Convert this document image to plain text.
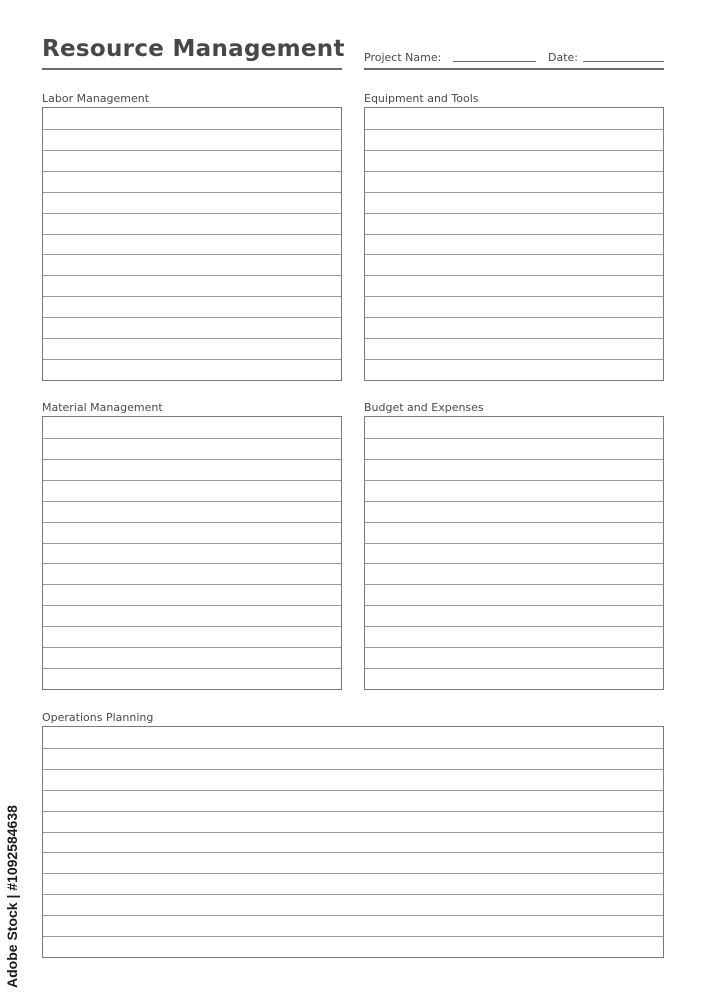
Resource Management Project Name:	Date:

Labor Management	Equipment and Tools

Material Management	Budget and Expenses

Operations Planning

Adobe Stock | #1092584638
